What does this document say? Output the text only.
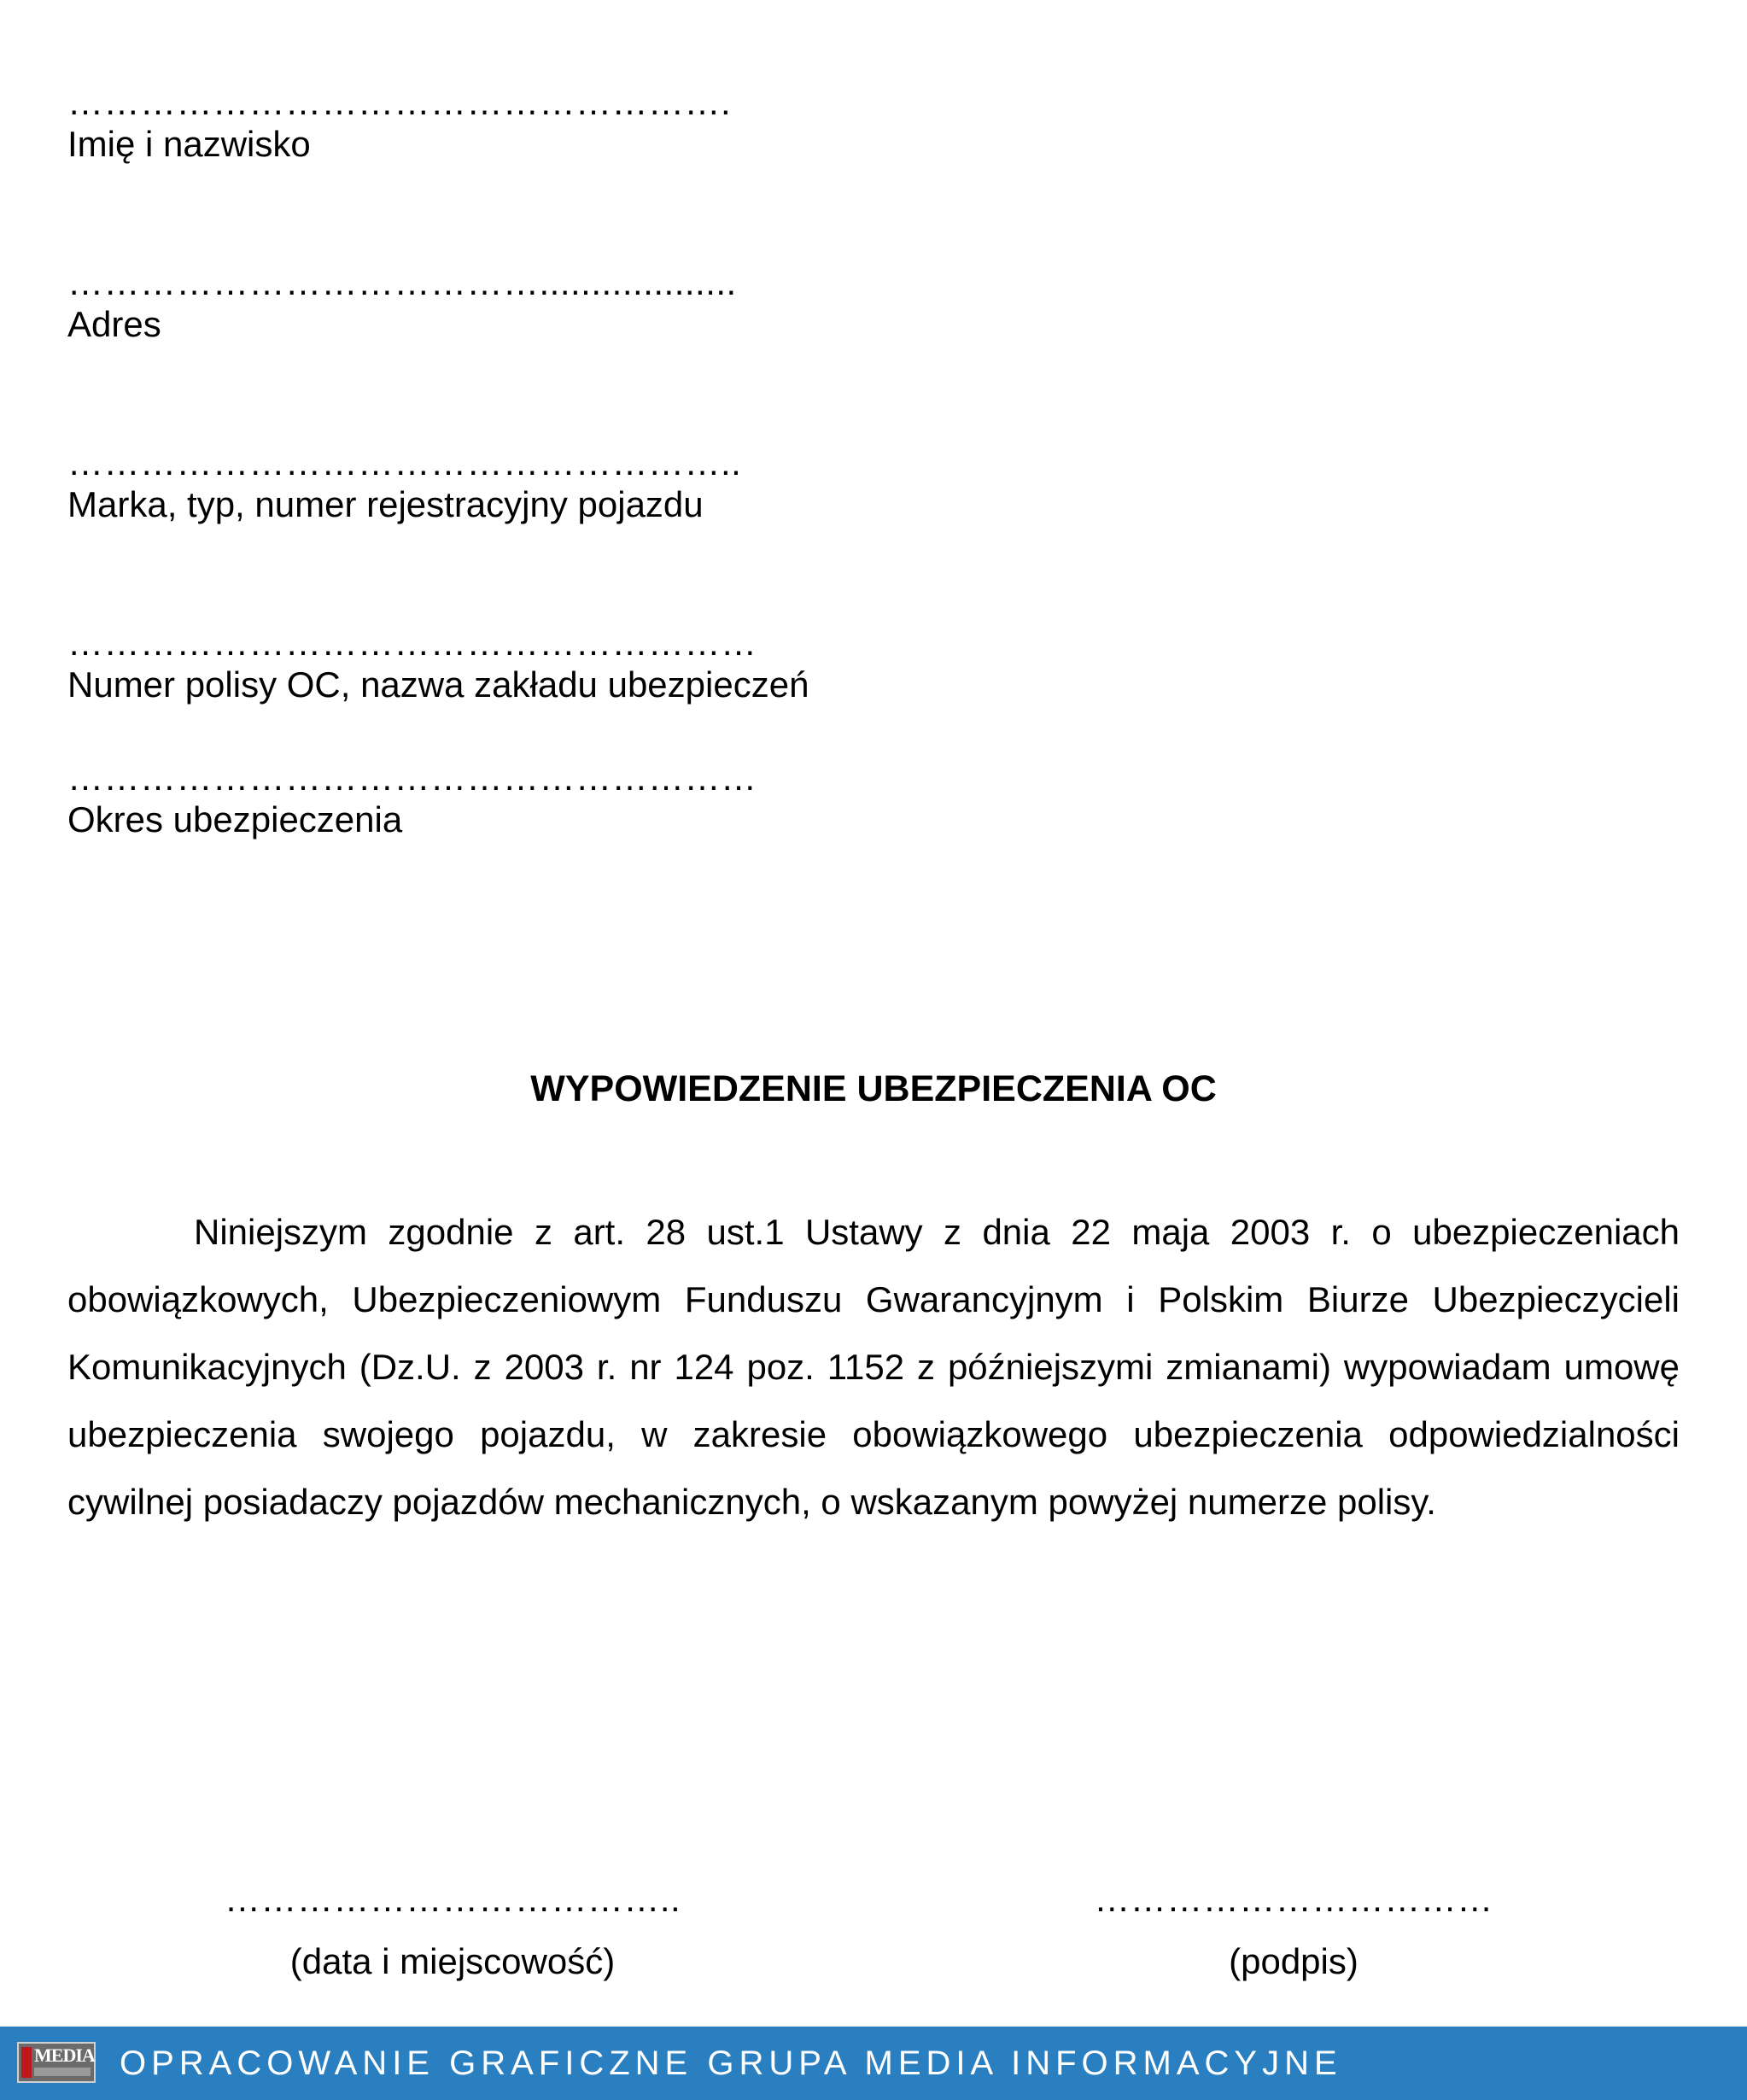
……………………………………………….
Imię i nazwisko
…………………………………...................
Adres
………………………………………………..
Marka, typ, numer rejestracyjny pojazdu
…………………………………………………
Numer polisy OC, nazwa zakładu ubezpieczeń
…………………………………………………
Okres ubezpieczenia
WYPOWIEDZENIE UBEZPIECZENIA OC

Niniejszym zgodnie z art. 28 ust.1 Ustawy z dnia 22 maja 2003 r. o ubezpieczeniach obowiązkowych, Ubezpieczeniowym Funduszu Gwarancyjnym i Polskim Biurze Ubezpieczycieli Komunikacyjnych (Dz.U. z 2003 r. nr 124 poz. 1152 z późniejszymi zmianami) wypowiadam umowę ubezpieczenia swojego pojazdu, w zakresie obowiązkowego ubezpieczenia odpowiedzialności cywilnej posiadaczy pojazdów mechanicznych, o wskazanym powyżej numerze polisy.

………………………………..
(data i miejscowość)
……………………………
(podpis)
MEDIA OPRACOWANIE GRAFICZNE GRUPA MEDIA INFORMACYJNE
